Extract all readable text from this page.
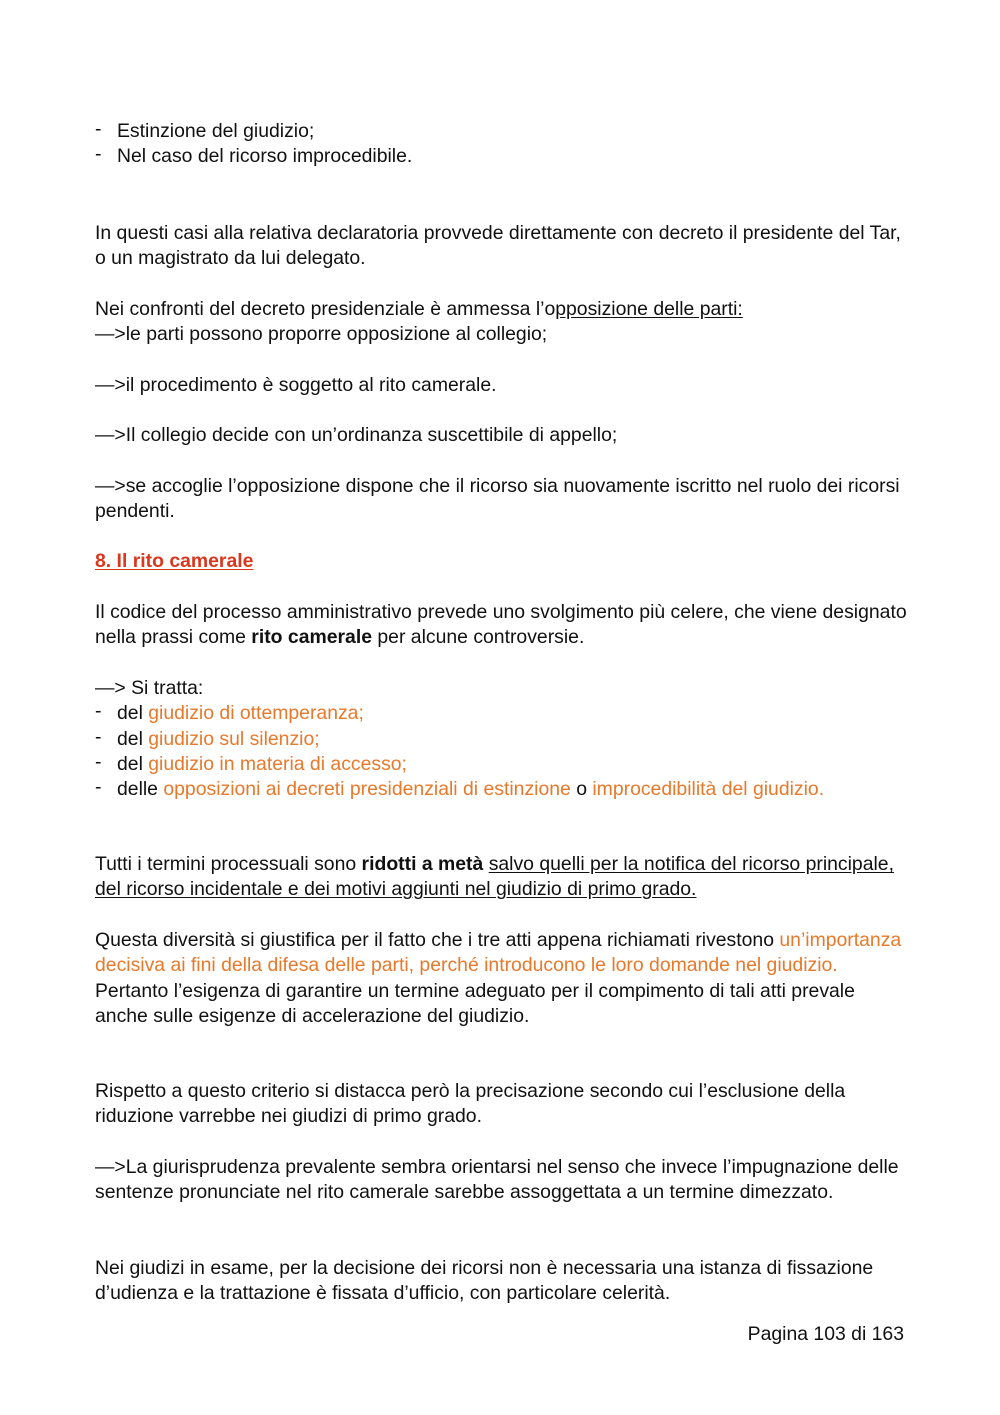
- Estinzione del giudizio;
- Nel caso del ricorso improcedibile.

In questi casi alla relativa declaratoria provvede direttamente con decreto il presidente del Tar, o un magistrato da lui delegato.

Nei confronti del decreto presidenziale è ammessa l’opposizione delle parti:
—>le parti possono proporre opposizione al collegio;

—>il procedimento è soggetto al rito camerale.

—>Il collegio decide con un’ordinanza suscettibile di appello;

—>se accoglie l’opposizione dispone che il ricorso sia nuovamente iscritto nel ruolo dei ricorsi pendenti.

8. Il rito camerale

Il codice del processo amministrativo prevede uno svolgimento più celere, che viene designato nella prassi come rito camerale per alcune controversie.

—> Si tratta:
- del giudizio di ottemperanza;
- del giudizio sul silenzio;
- del giudizio in materia di accesso;
- delle opposizioni ai decreti presidenziali di estinzione o improcedibilità del giudizio.

Tutti i termini processuali sono ridotti a metà salvo quelli per la notifica del ricorso principale, del ricorso incidentale e dei motivi aggiunti nel giudizio di primo grado.

Questa diversità si giustifica per il fatto che i tre atti appena richiamati rivestono un’importanza decisiva ai fini della difesa delle parti, perché introducono le loro domande nel giudizio.
Pertanto l’esigenza di garantire un termine adeguato per il compimento di tali atti prevale anche sulle esigenze di accelerazione del giudizio.

Rispetto a questo criterio si distacca però la precisazione secondo cui l’esclusione della riduzione varrebbe nei giudizi di primo grado.

—>La giurisprudenza prevalente sembra orientarsi nel senso che invece l’impugnazione delle sentenze pronunciate nel rito camerale sarebbe assoggettata a un termine dimezzato.

Nei giudizi in esame, per la decisione dei ricorsi non è necessaria una istanza di fissazione d’udienza e la trattazione è fissata d’ufficio, con particolare celerità.

Pagina 103 di 163
